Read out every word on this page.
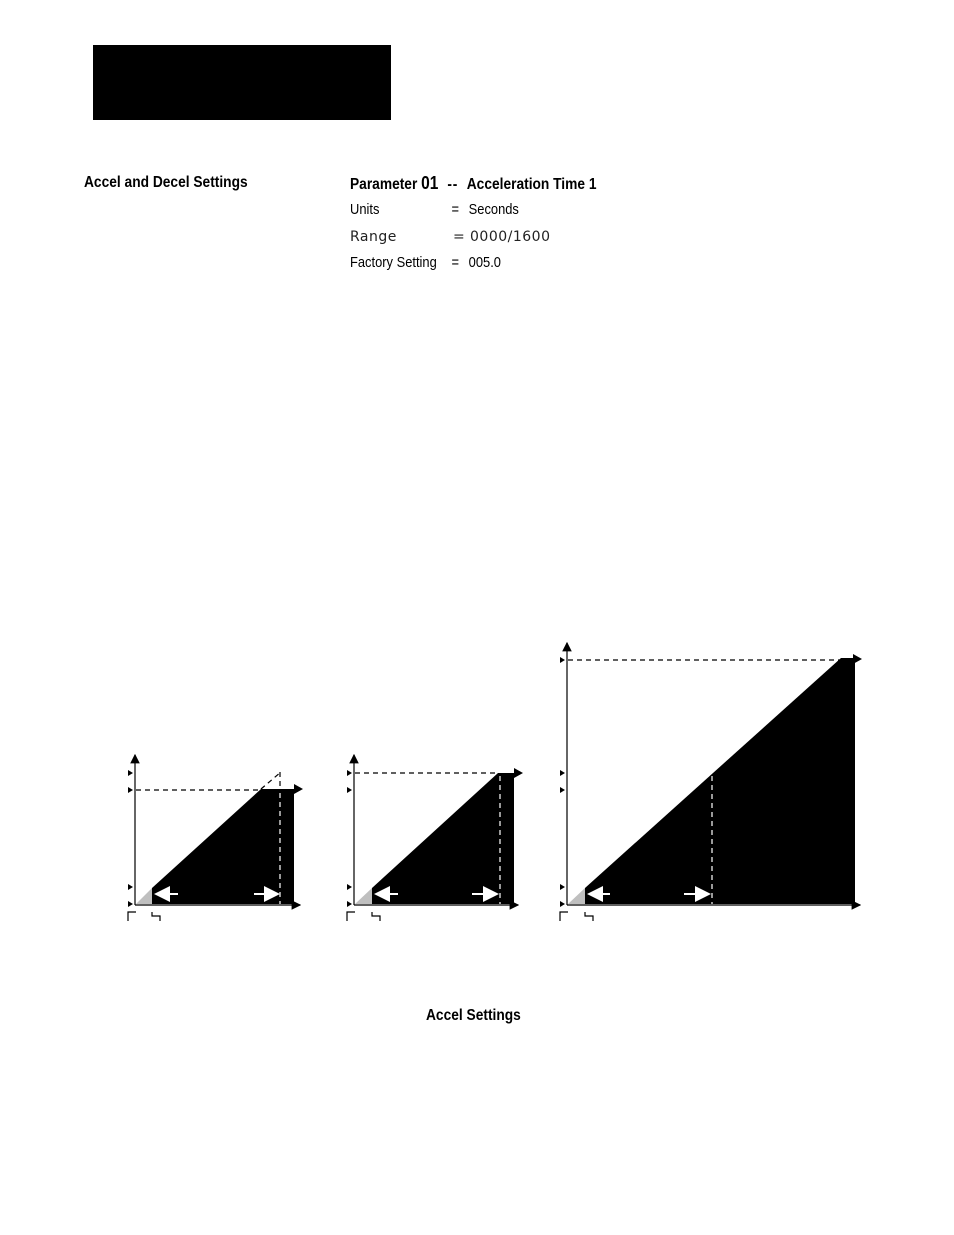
Accel and Decel Settings	Parameter 01 -- Acceleration Time 1
Units	= Seconds
Range	= 0000/1600
Factory Setting = 005.0
Accel Settings
